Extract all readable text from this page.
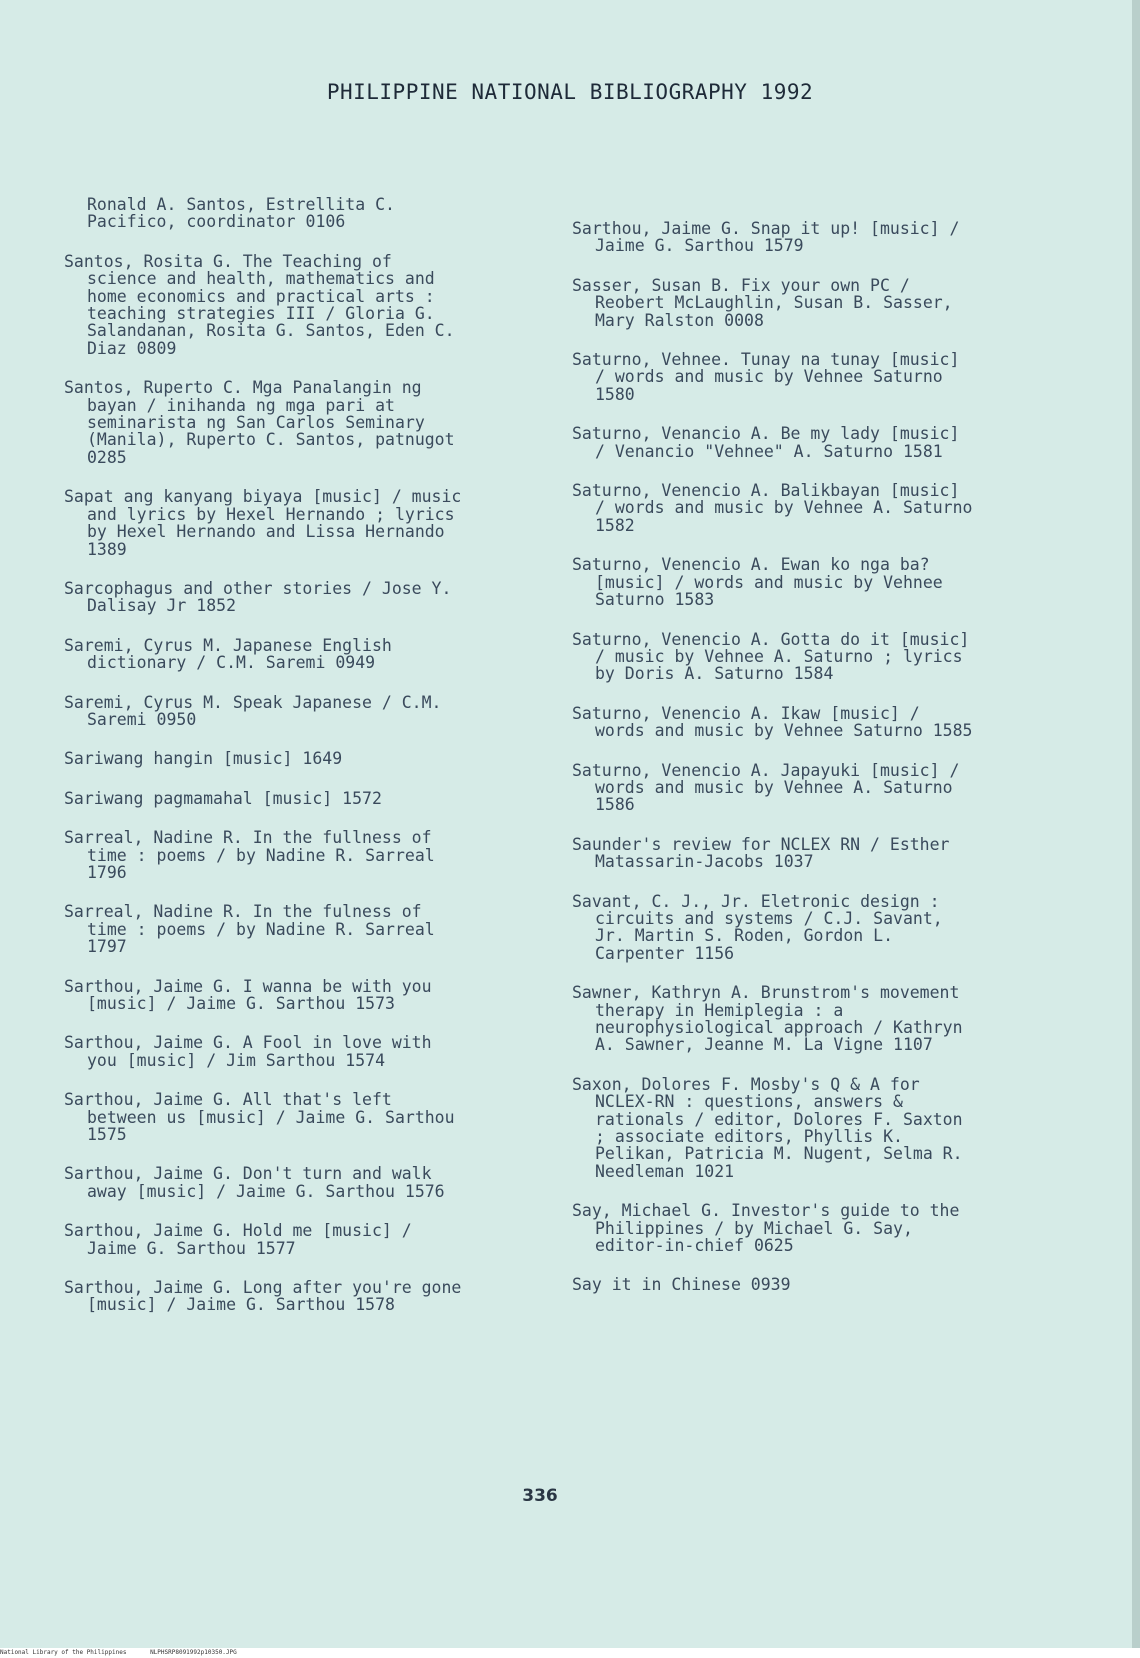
PHILIPPINE NATIONAL BIBLIOGRAPHY 1992
Ronald A. Santos, Estrellita C.
Pacifico, coordinator 0106
Santos, Rosita G. The Teaching of
science and health, mathematics and
home economics and practical arts :
teaching strategies III / Gloria G.
Salandanan, Rosita G. Santos, Eden C.
Diaz 0809
Santos, Ruperto C. Mga Panalangin ng
bayan / inihanda ng mga pari at
seminarista ng San Carlos Seminary
(Manila), Ruperto C. Santos, patnugot
0285
Sapat ang kanyang biyaya [music] / music
and lyrics by Hexel Hernando ; lyrics
by Hexel Hernando and Lissa Hernando
1389
Sarcophagus and other stories / Jose Y.
Dalisay Jr 1852
Saremi, Cyrus M. Japanese English
dictionary / C.M. Saremi 0949
Saremi, Cyrus M. Speak Japanese / C.M.
Saremi 0950
Sariwang hangin [music] 1649
Sariwang pagmamahal [music] 1572
Sarreal, Nadine R. In the fullness of
time : poems / by Nadine R. Sarreal
1796
Sarreal, Nadine R. In the fulness of
time : poems / by Nadine R. Sarreal
1797
Sarthou, Jaime G. I wanna be with you
[music] / Jaime G. Sarthou 1573
Sarthou, Jaime G. A Fool in love with
you [music] / Jim Sarthou 1574
Sarthou, Jaime G. All that's left
between us [music] / Jaime G. Sarthou
1575
Sarthou, Jaime G. Don't turn and walk
away [music] / Jaime G. Sarthou 1576
Sarthou, Jaime G. Hold me [music] /
Jaime G. Sarthou 1577
Sarthou, Jaime G. Long after you're gone
[music] / Jaime G. Sarthou 1578
Sarthou, Jaime G. Snap it up! [music] /
Jaime G. Sarthou 1579
Sasser, Susan B. Fix your own PC /
Reobert McLaughlin, Susan B. Sasser,
Mary Ralston 0008
Saturno, Vehnee. Tunay na tunay [music]
/ words and music by Vehnee Saturno
1580
Saturno, Venancio A. Be my lady [music]
/ Venancio "Vehnee" A. Saturno 1581
Saturno, Venencio A. Balikbayan [music]
/ words and music by Vehnee A. Saturno
1582
Saturno, Venencio A. Ewan ko nga ba?
[music] / words and music by Vehnee
Saturno 1583
Saturno, Venencio A. Gotta do it [music]
/ music by Vehnee A. Saturno ; lyrics
by Doris A. Saturno 1584
Saturno, Venencio A. Ikaw [music] /
words and music by Vehnee Saturno 1585
Saturno, Venencio A. Japayuki [music] /
words and music by Vehnee A. Saturno
1586
Saunder's review for NCLEX RN / Esther
Matassarin-Jacobs 1037
Savant, C. J., Jr. Eletronic design :
circuits and systems / C.J. Savant,
Jr. Martin S. Roden, Gordon L.
Carpenter 1156
Sawner, Kathryn A. Brunstrom's movement
therapy in Hemiplegia : a
neurophysiological approach / Kathryn
A. Sawner, Jeanne M. La Vigne 1107
Saxon, Dolores F. Mosby's Q & A for
NCLEX-RN : questions, answers &
rationals / editor, Dolores F. Saxton
; associate editors, Phyllis K.
Pelikan, Patricia M. Nugent, Selma R.
Needleman 1021
Say, Michael G. Investor's guide to the
Philippines / by Michael G. Say,
editor-in-chief 0625
Say it in Chinese 0939
336
National Library of the Philippines	NLPHSRP8091992p10350.JPG
